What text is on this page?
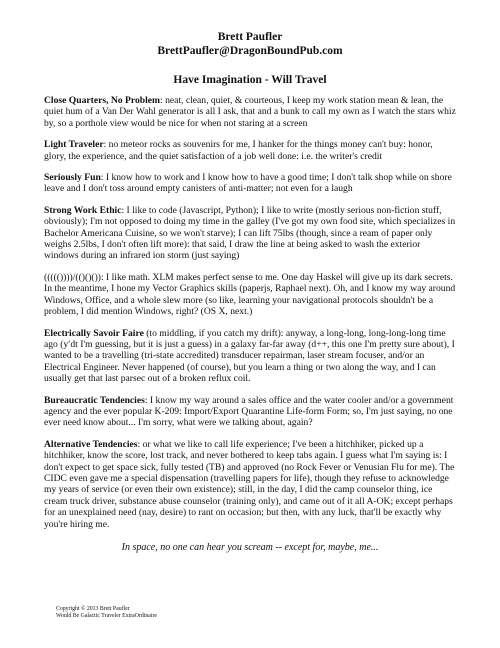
Brett Paufler
BrettPaufler@DragonBoundPub.com
Have Imagination - Will Travel

Close Quarters, No Problem: neat, clean, quiet, & courteous, I keep my work station mean & lean, the quiet hum of a Van Der Wahl generator is all I ask, that and a bunk to call my own as I watch the stars whiz by, so a porthole view would be nice for when not staring at a screen

Light Traveler: no meteor rocks as souvenirs for me, I hanker for the things money can't buy: honor, glory, the experience, and the quiet satisfaction of a job well done: i.e. the writer's credit

Seriously Fun: I know how to work and I know how to have a good time; I don't talk shop while on shore leave and I don't toss around empty canisters of anti-matter; not even for a laugh

Strong Work Ethic: I like to code (Javascript, Python); I like to write (mostly serious non-fiction stuff, obviously); I'm not opposed to doing my time in the galley (I've got my own food site, which specializes in Bachelor Americana Cuisine, so we won't starve); I can lift 75lbs (though, since a ream of paper only weighs 2.5lbs, I don't often lift more): that said, I draw the line at being asked to wash the exterior windows during an infrared ion storm (just saying)

((((())))/(()()()): I like math. XLM makes perfect sense to me. One day Haskel will give up its dark secrets. In the meantime, I hone my Vector Graphics skills (paperjs, Raphael next). Oh, and I know my way around Windows, Office, and a whole slew more (so like, learning your navigational protocols shouldn't be a problem, I did mention Windows, right? (OS X, next.)

Electrically Savoir Faire (to middling, if you catch my drift): anyway, a long-long, long-long-long time ago (y′dt I'm guessing, but it is just a guess) in a galaxy far-far away (d++, this one I'm pretty sure about), I wanted to be a travelling (tri-state accredited) transducer repairman, laser stream focuser, and/or an Electrical Engineer. Never happened (of course), but you learn a thing or two along the way, and I can usually get that last parsec out of a broken reflux coil.

Bureaucratic Tendencies: I know my way around a sales office and the water cooler and/or a government agency and the ever popular K-209: Import/Export Quarantine Life-form Form; so, I'm just saying, no one ever need know about... I'm sorry, what were we talking about, again?

Alternative Tendencies: or what we like to call life experience; I've been a hitchhiker, picked up a hitchhiker, know the score, lost track, and never bothered to keep tabs again. I guess what I'm saying is: I don't expect to get space sick, fully tested (TB) and approved (no Rock Fever or Venusian Flu for me). The CIDC even gave me a special dispensation (travelling papers for life), though they refuse to acknowledge my years of service (or even their own existence); still, in the day, I did the camp counselor thing, ice cream truck driver, substance abuse counselor (training only), and came out of it all A-OK; except perhaps for an unexplained need (nay, desire) to rant on occasion; but then, with any luck, that'll be exactly why you're hiring me.

In space, no one can hear you scream -- except for, maybe, me...
Copyright © 2013 Brett Paufler
Would Be Galactic Traveler ExtraOrdinaire
